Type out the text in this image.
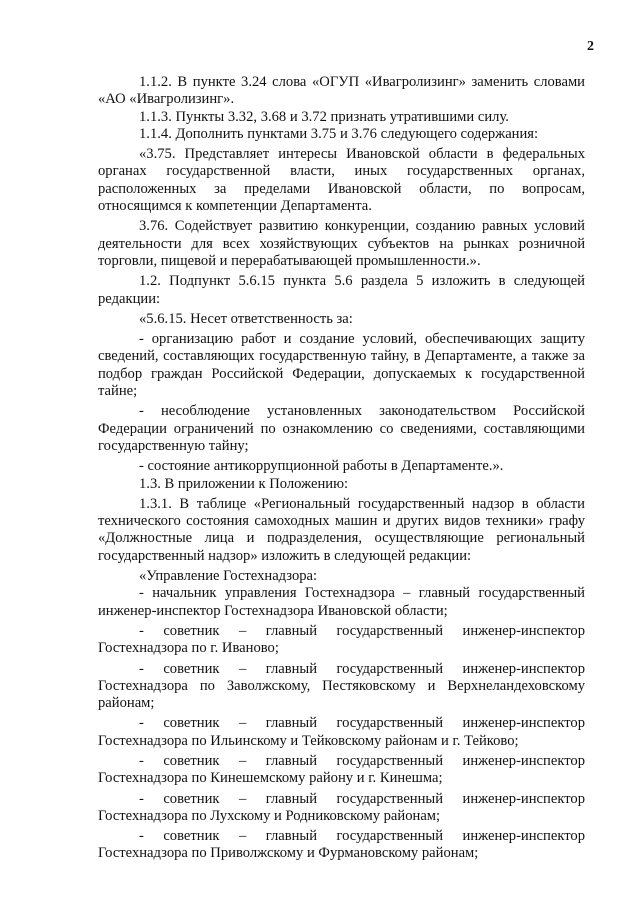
2

1.1.2. В пункте 3.24 слова «ОГУП «Ивагролизинг» заменить словами «АО «Ивагролизинг».

1.1.3. Пункты 3.32, 3.68 и 3.72 признать утратившими силу.

1.1.4. Дополнить пунктами 3.75 и 3.76 следующего содержания:

«3.75. Представляет интересы Ивановской области в федеральных органах государственной власти, иных государственных органах, расположенных за пределами Ивановской области, по вопросам, относящимся к компетенции Департамента.

3.76. Содействует развитию конкуренции, созданию равных условий деятельности для всех хозяйствующих субъектов на рынках розничной торговли, пищевой и перерабатывающей промышленности.».

1.2. Подпункт 5.6.15 пункта 5.6 раздела 5 изложить в следующей редакции:

«5.6.15. Несет ответственность за:

- организацию работ и создание условий, обеспечивающих защиту сведений, составляющих государственную тайну, в Департаменте, а также за подбор граждан Российской Федерации, допускаемых к государственной тайне;

- несоблюдение установленных законодательством Российской Федерации ограничений по ознакомлению со сведениями, составляющими государственную тайну;

- состояние антикоррупционной работы в Департаменте.».

1.3. В приложении к Положению:

1.3.1. В таблице «Региональный государственный надзор в области технического состояния самоходных машин и других видов техники» графу «Должностные лица и подразделения, осуществляющие региональный государственный надзор» изложить в следующей редакции:

«Управление Гостехнадзора:

- начальник управления Гостехнадзора – главный государственный инженер-инспектор Гостехнадзора Ивановской области;

- советник – главный государственный инженер-инспектор Гостехнадзора по г. Иваново;

- советник – главный государственный инженер-инспектор Гостехнадзора по Заволжскому, Пестяковскому и Верхнеландеховскому районам;

- советник – главный государственный инженер-инспектор Гостехнадзора по Ильинскому и Тейковскому районам и г. Тейково;

- советник – главный государственный инженер-инспектор Гостехнадзора по Кинешемскому району и г. Кинешма;

- советник – главный государственный инженер-инспектор Гостехнадзора по Лухскому и Родниковскому районам;

- советник – главный государственный инженер-инспектор Гостехнадзора по Приволжскому и Фурмановскому районам;
